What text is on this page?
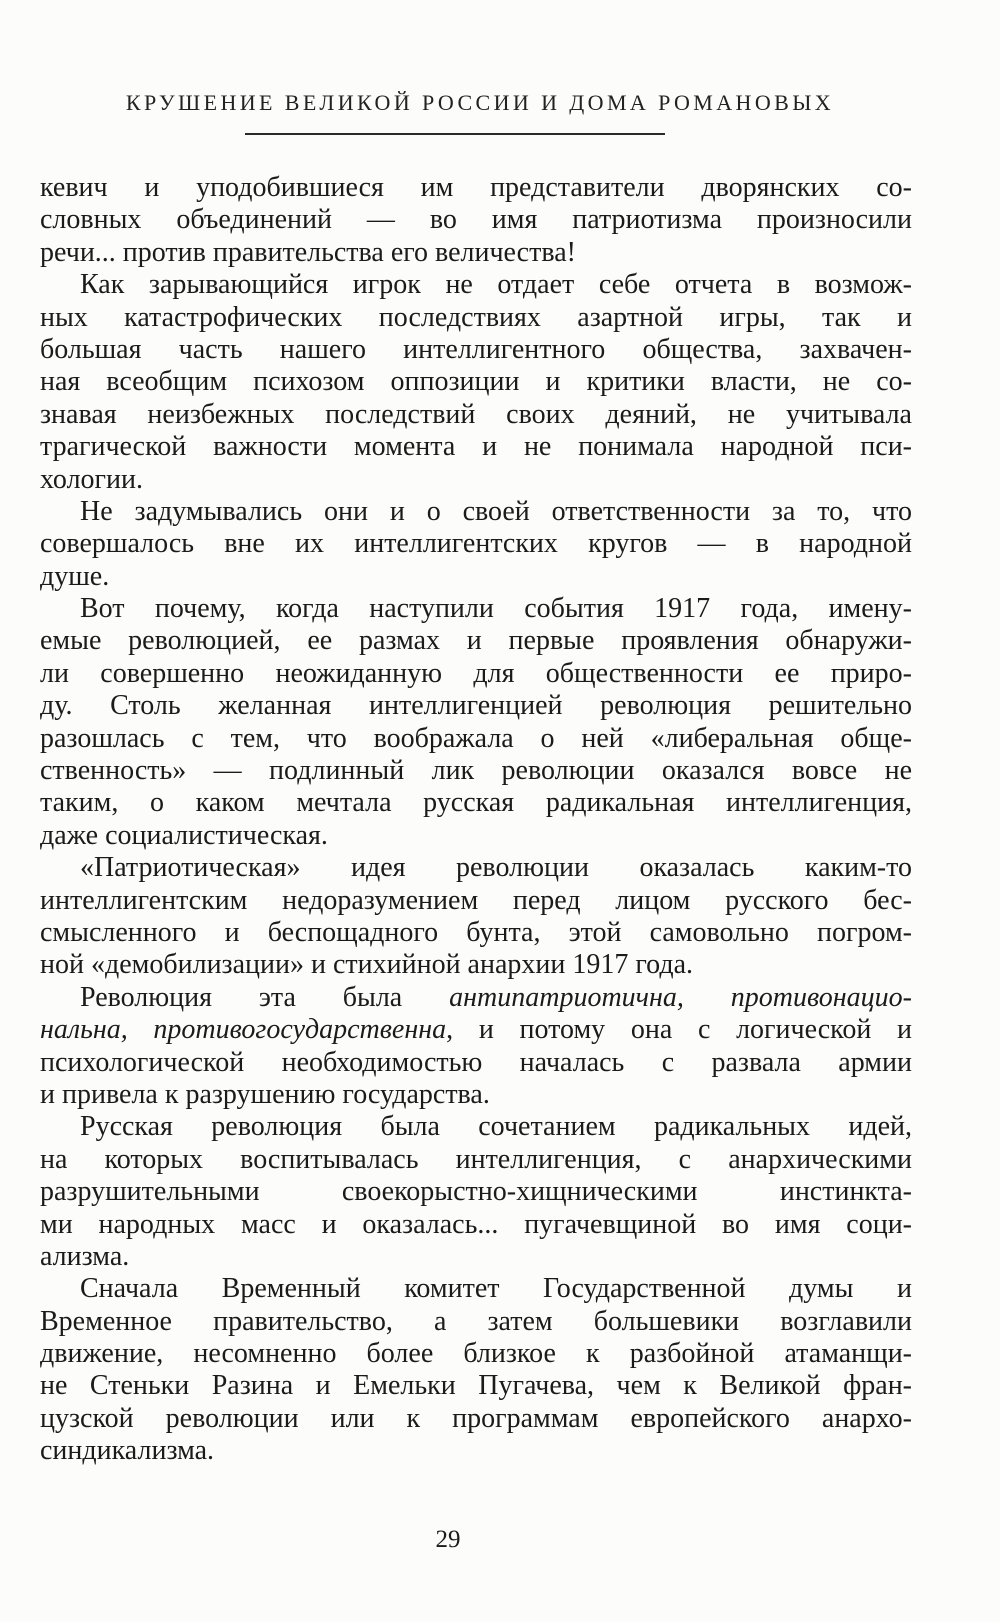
КРУШЕНИЕ ВЕЛИКОЙ РОССИИ И ДОМА РОМАНОВЫХ
кевич и уподобившиеся им представители дворянских со-
словных объединений — во имя патриотизма произносили
речи... против правительства его величества!
Как зарывающийся игрок не отдает себе отчета в возмож-
ных катастрофических последствиях азартной игры, так и
большая часть нашего интеллигентного общества, захвачен-
ная всеобщим психозом оппозиции и критики власти, не со-
знавая неизбежных последствий своих деяний, не учитывала
трагической важности момента и не понимала народной пси-
хологии.
Не задумывались они и о своей ответственности за то, что
совершалось вне их интеллигентских кругов — в народной
душе.
Вот почему, когда наступили события 1917 года, имену-
емые революцией, ее размах и первые проявления обнаружи-
ли совершенно неожиданную для общественности ее приро-
ду. Столь желанная интеллигенцией революция решительно
разошлась с тем, что воображала о ней «либеральная обще-
ственность» — подлинный лик революции оказался вовсе не
таким, о каком мечтала русская радикальная интеллигенция,
даже социалистическая.
«Патриотическая» идея революции оказалась каким-то
интеллигентским недоразумением перед лицом русского бес-
смысленного и беспощадного бунта, этой самовольно погром-
ной «демобилизации» и стихийной анархии 1917 года.
Революция эта была антипатриотична, противонацио-
нальна, противогосударственна, и потому она с логической и
психологической необходимостью началась с развала армии
и привела к разрушению государства.
Русская революция была сочетанием радикальных идей,
на которых воспитывалась интеллигенция, с анархическими
разрушительными своекорыстно-хищническими инстинкта-
ми народных масс и оказалась... пугачевщиной во имя соци-
ализма.
Сначала Временный комитет Государственной думы и
Временное правительство, а затем большевики возглавили
движение, несомненно более близкое к разбойной атаманщи-
не Стеньки Разина и Емельки Пугачева, чем к Великой фран-
цузской революции или к программам европейского анархо-
синдикализма.
29
